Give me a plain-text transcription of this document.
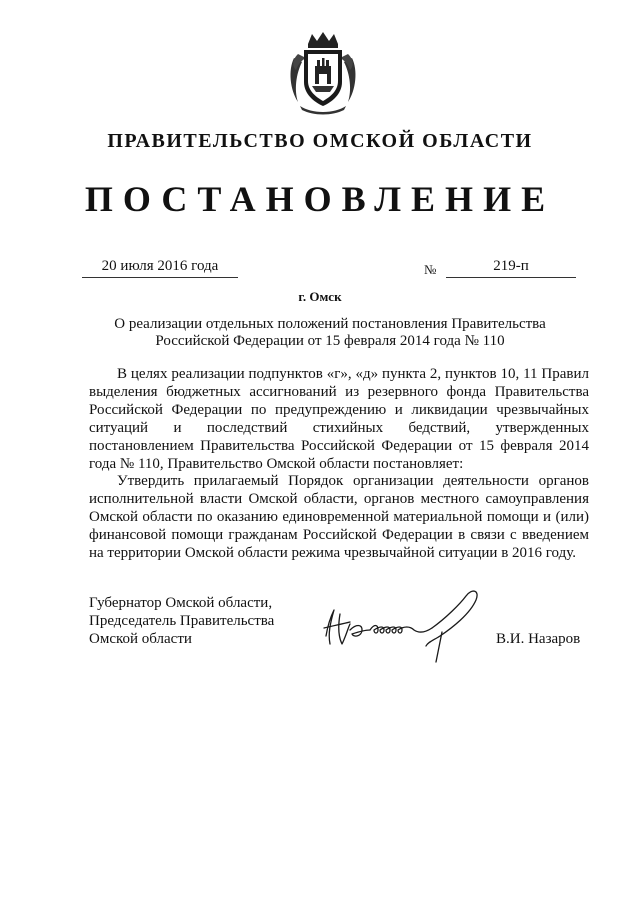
ПРАВИТЕЛЬСТВО ОМСКОЙ ОБЛАСТИ
ПОСТАНОВЛЕНИЕ
20 июля 2016 года	№	219-п
г. Омск
О реализации отдельных положений постановления Правительства
Российской Федерации от 15 февраля 2014 года № 110

В целях реализации подпунктов «г», «д» пункта 2, пунктов 10, 11 Правил выделения бюджетных ассигнований из резервного фонда Правительства Российской Федерации по предупреждению и ликвидации чрезвычайных ситуаций и последствий стихийных бедствий, утвержденных постановлением Правительства Российской Федерации от 15 февраля 2014 года № 110, Правительство Омской области постановляет:

Утвердить прилагаемый Порядок организации деятельности органов исполнительной власти Омской области, органов местного самоуправления Омской области по оказанию единовременной материальной помощи и (или) финансовой помощи гражданам Российской Федерации в связи с введением на территории Омской области режима чрезвычайной ситуации в 2016 году.

Губернатор Омской области,
Председатель Правительства
Омской области	В.И. Назаров
